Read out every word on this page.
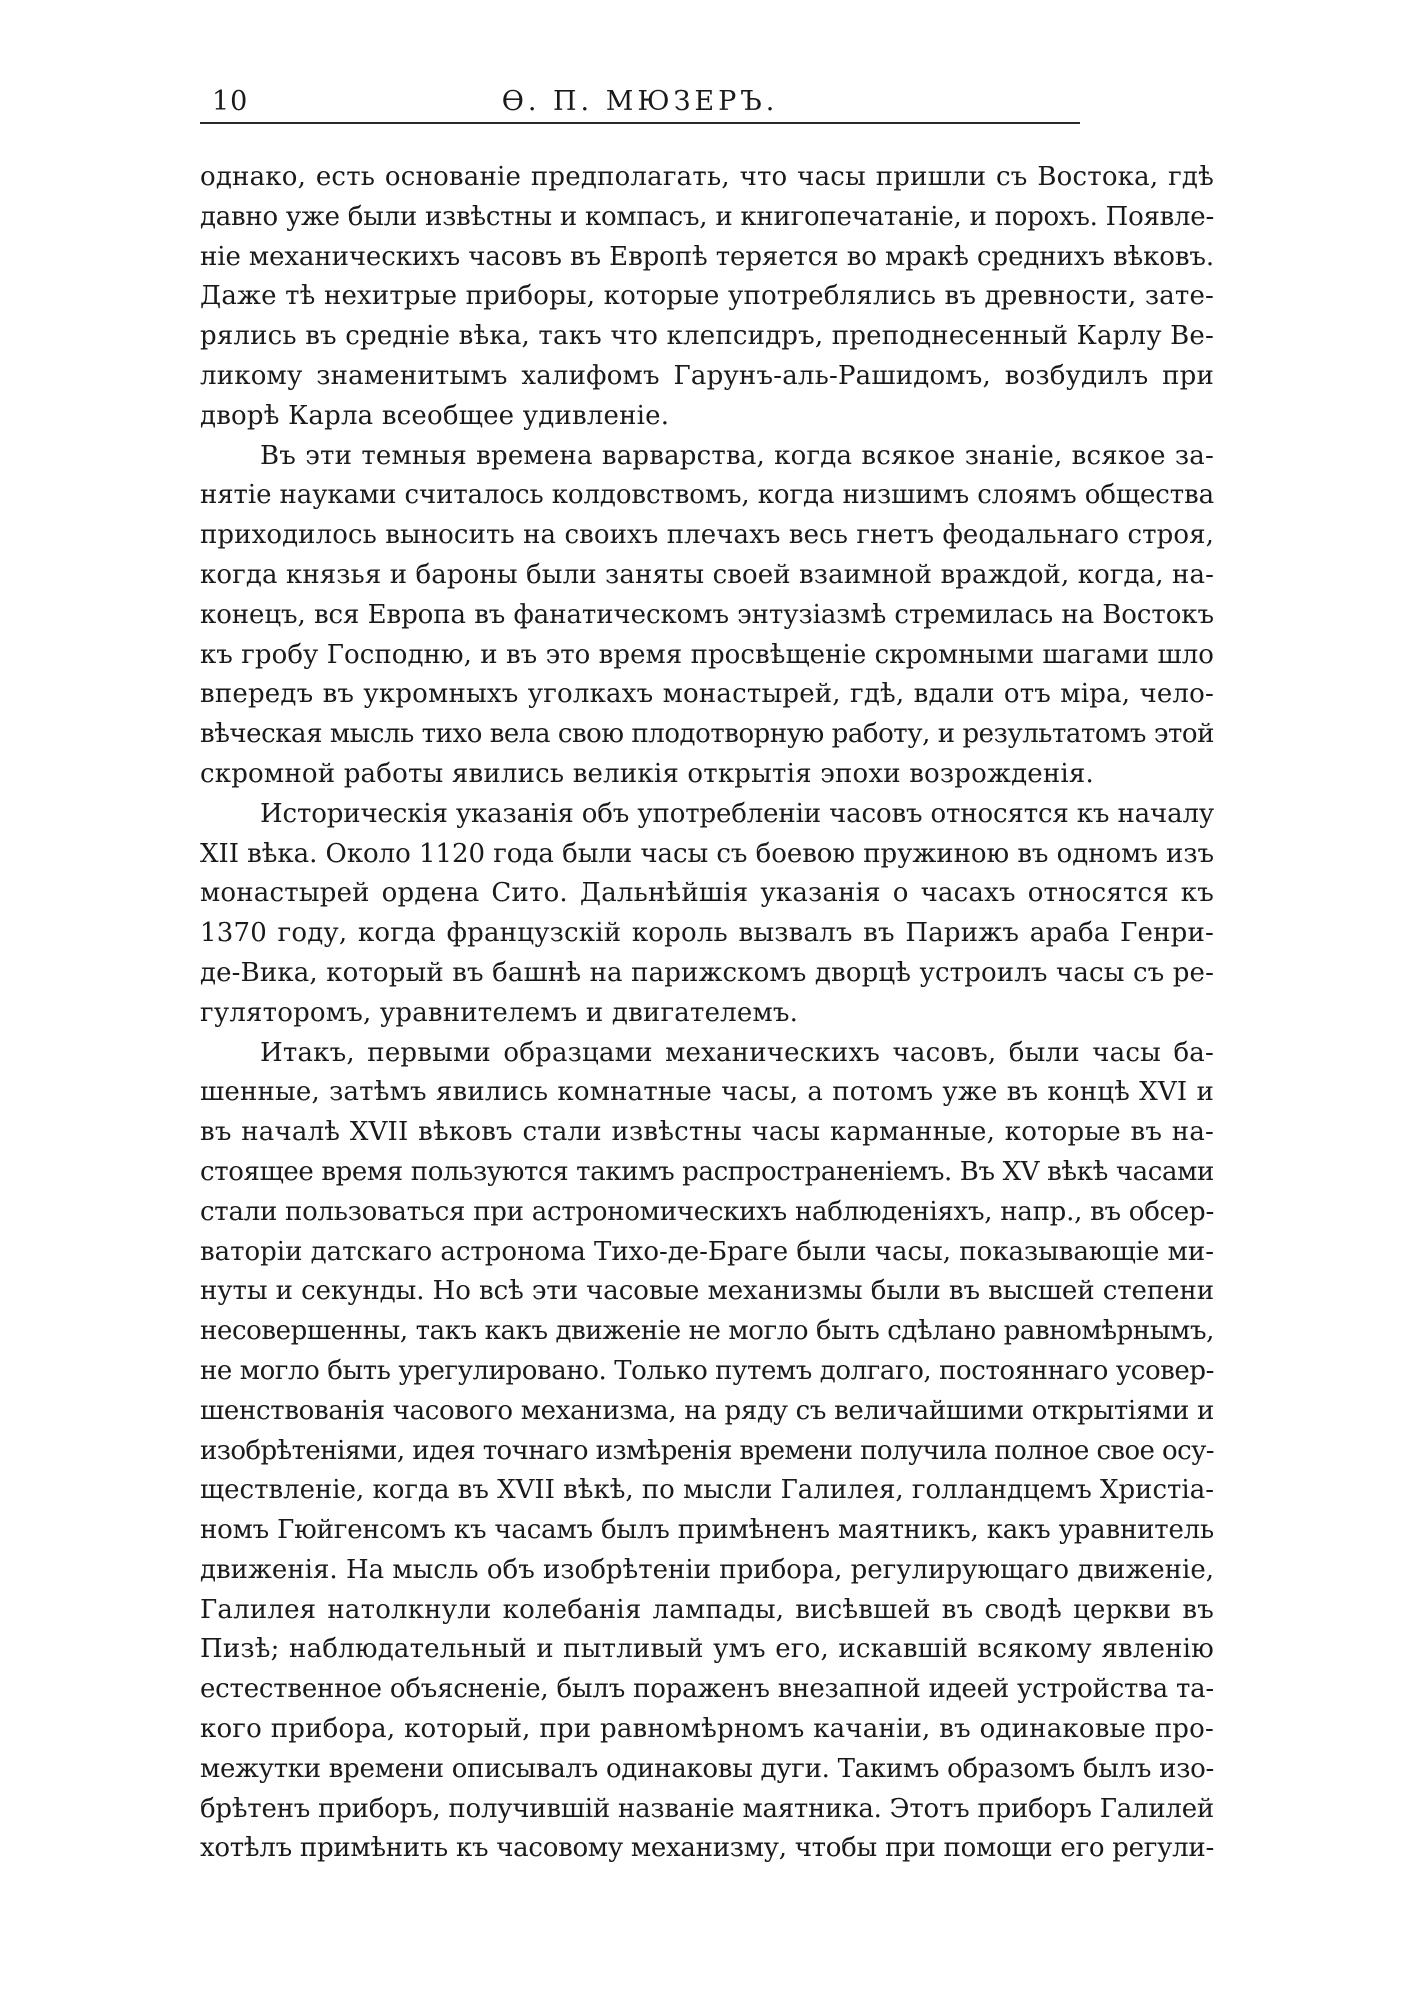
10	Ѳ. П. МЮЗЕРЪ.

однако, есть основаніе предполагать, что часы пришли съ Востока, гдѣ
давно уже были извѣстны и компасъ, и книгопечатаніе, и порохъ. Появле-
ніе механическихъ часовъ въ Европѣ теряется во мракѣ среднихъ вѣковъ.
Даже тѣ нехитрые приборы, которые употреблялись въ древности, зате-
рялись въ средніе вѣка, такъ что клепсидръ, преподнесенный Карлу Ве-
ликому знаменитымъ халифомъ Гарунъ-аль-Рашидомъ, возбудилъ при
дворѣ Карла всеобщее удивленіе.

Въ эти темныя времена варварства, когда всякое знаніе, всякое за-
нятіе науками считалось колдовствомъ, когда низшимъ слоямъ общества
приходилось выносить на своихъ плечахъ весь гнетъ феодальнаго строя,
когда князья и бароны были заняты своей взаимной враждой, когда, на-
конецъ, вся Европа въ фанатическомъ энтузіазмѣ стремилась на Востокъ
къ гробу Господню, и въ это время просвѣщеніе скромными шагами шло
впередъ въ укромныхъ уголкахъ монастырей, гдѣ, вдали отъ міра, чело-
вѣческая мысль тихо вела свою плодотворную работу, и результатомъ этой
скромной работы явились великія открытія эпохи возрожденія.

Историческія указанія объ употребленіи часовъ относятся къ началу
XII вѣка. Около 1120 года были часы съ боевою пружиною въ одномъ изъ
монастырей ордена Сито. Дальнѣйшія указанія о часахъ относятся къ
1370 году, когда французскій король вызвалъ въ Парижъ араба Генри-
де-Вика, который въ башнѣ на парижскомъ дворцѣ устроилъ часы съ ре-
гуляторомъ, уравнителемъ и двигателемъ.

Итакъ, первыми образцами механическихъ часовъ, были часы ба-
шенные, затѣмъ явились комнатные часы, а потомъ уже въ концѣ XVI и
въ началѣ XVII вѣковъ стали извѣстны часы карманные, которые въ на-
стоящее время пользуются такимъ распространеніемъ. Въ XV вѣкѣ часами
стали пользоваться при астрономическихъ наблюденіяхъ, напр., въ обсер-
ваторіи датскаго астронома Тихо-де-Браге были часы, показывающіе ми-
нуты и секунды. Но всѣ эти часовые механизмы были въ высшей степени
несовершенны, такъ какъ движеніе не могло быть сдѣлано равномѣрнымъ,
не могло быть урегулировано. Только путемъ долгаго, постояннаго усовер-
шенствованія часового механизма, на ряду съ величайшими открытіями и
изобрѣтеніями, идея точнаго измѣренія времени получила полное свое осу-
ществленіе, когда въ XVII вѣкѣ, по мысли Галилея, голландцемъ Христіа-
номъ Гюйгенсомъ къ часамъ былъ примѣненъ маятникъ, какъ уравнитель
движенія. На мысль объ изобрѣтеніи прибора, регулирующаго движеніе,
Галилея натолкнули колебанія лампады, висѣвшей въ сводѣ церкви въ
Пизѣ; наблюдательный и пытливый умъ его, искавшій всякому явленію
естественное объясненіе, былъ пораженъ внезапной идеей устройства та-
кого прибора, который, при равномѣрномъ качаніи, въ одинаковые про-
межутки времени описывалъ одинаковы дуги. Такимъ образомъ былъ изо-
брѣтенъ приборъ, получившій названіе маятника. Этотъ приборъ Галилей
хотѣлъ примѣнить къ часовому механизму, чтобы при помощи его регули-
